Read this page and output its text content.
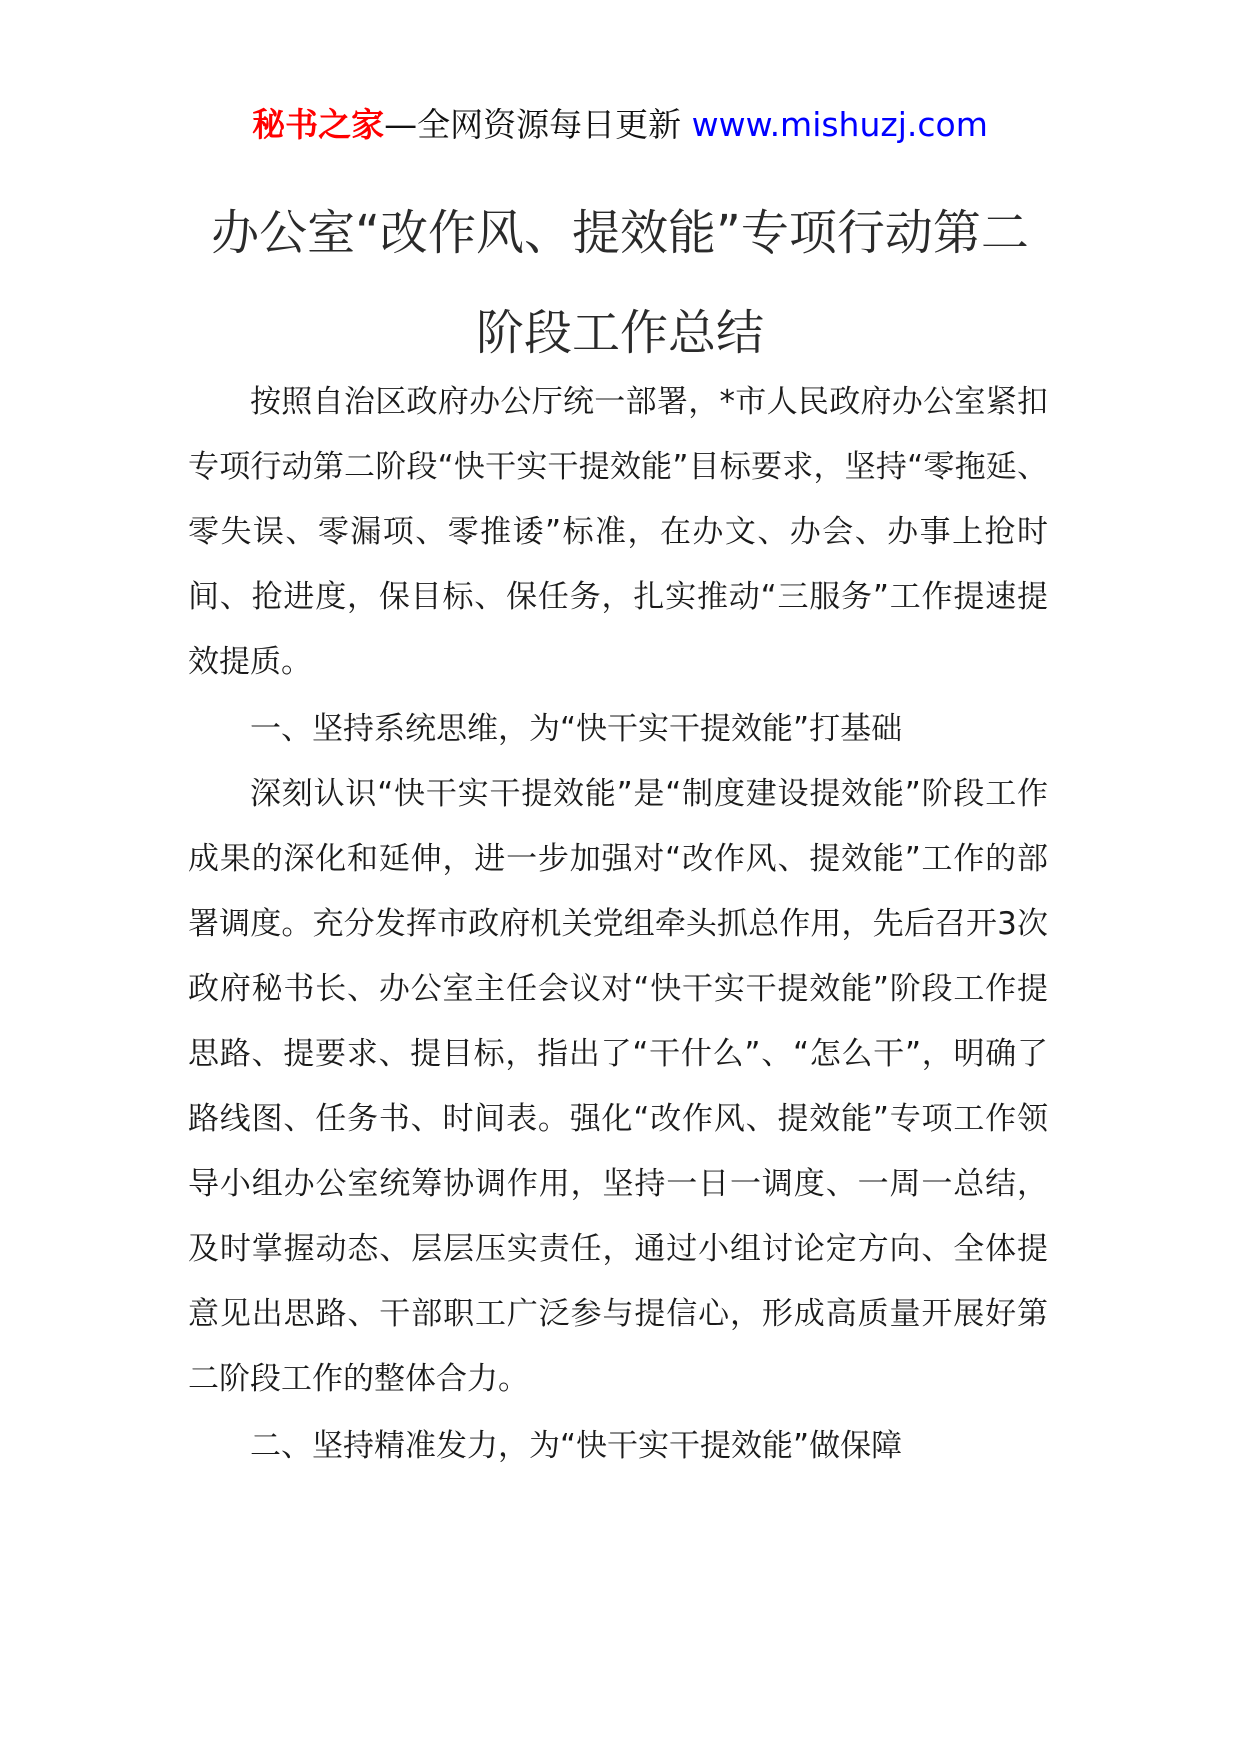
秘书之家—全网资源每日更新 www.mishuzj.com
办公室“改作风、提效能”专项行动第二阶段工作总结

按照自治区政府办公厅统一部署，*市人民政府办公室紧扣专项行动第二阶段“快干实干提效能”目标要求，坚持“零拖延、零失误、零漏项、零推诿”标准，在办文、办会、办事上抢时间、抢进度，保目标、保任务，扎实推动“三服务”工作提速提效提质。

一、坚持系统思维，为“快干实干提效能”打基础

深刻认识“快干实干提效能”是“制度建设提效能”阶段工作成果的深化和延伸，进一步加强对“改作风、提效能”工作的部署调度。充分发挥市政府机关党组牵头抓总作用，先后召开3次政府秘书长、办公室主任会议对“快干实干提效能”阶段工作提思路、提要求、提目标，指出了“干什么”、“怎么干”，明确了路线图、任务书、时间表。强化“改作风、提效能”专项工作领导小组办公室统筹协调作用，坚持一日一调度、一周一总结，及时掌握动态、层层压实责任，通过小组讨论定方向、全体提意见出思路、干部职工广泛参与提信心，形成高质量开展好第二阶段工作的整体合力。

二、坚持精准发力，为“快干实干提效能”做保障
